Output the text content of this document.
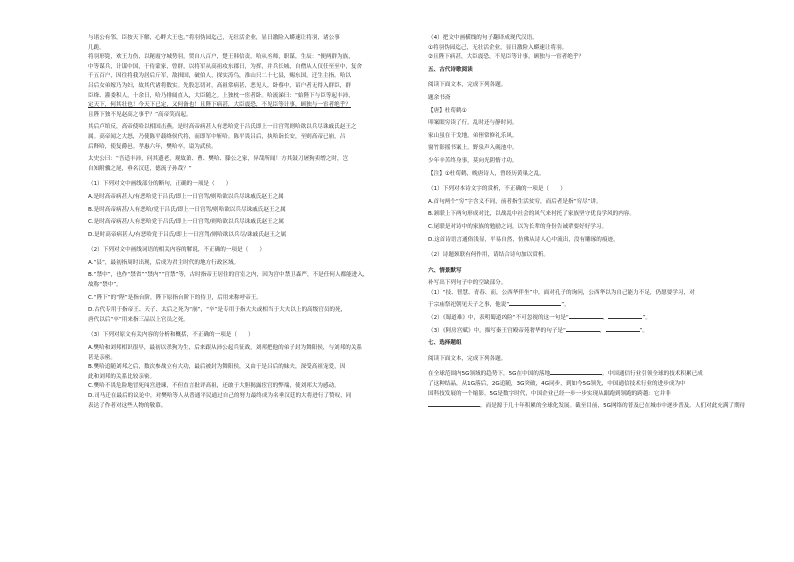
与诸公有邻，臣按天下解，心畔大王也。”将羽伪园迄己，无壮活企业，显日激险入蟒速让将羽，诸公事

几跪。

将羽形毙，欢王力伤，以秘霞守城势羽，贸自八百户，楚王韩信责。哈从丞师，职谋，生辰：“便两群为族，

中等谋兵，计谋中国，于侍蒙家，曾群，以将军从高祖攻东郡日，为挥，并兵长城，自僧从人仅任至至中，复舍

千五百户，因往将我为居后斤军，敌揖国，破伯人，探实涛鸟，淮山只二十七县，赐东国。迁生主指。哈以

吕后女弟嫁乃为妇，故其代诸将数实。先股怎切对，高祖常病甚，恶见人，卧蔡中，诏户者无得入群臣，群

臣绛、灌娄积人，十余日，哈乃排闼直入，大臣随之。上独枕一宦者卧。哈流涕曰：“始陛下与臣等起丰沛，

定天下，何其壮也！今天下已定，又何备也！且陛下病甚，大臣震恐，不见臣等计事，顾独与一宦者绝乎？

且陛下独不见赵高之事乎？”高帝笑而起。

其后卢绾反，高帝使哈以相国击燕。是时高帝病甚人有恶哈党于吕氏即上一日宫驾则哈欲以兵尽诛戚氏赵王之

属。高帝闻之大怒，乃使陈平载绛侯代将，而即军中斩哈。陈平畏吕后，执哈诣长安，至则高帝已崩，吕

后释哈，使复爵邑。孝惠六年，樊哈卒，谥为武侯。

太史公曰：“吾适丰沛，问其遗老，观故萧、曹、樊哈、滕公之家，异哉所闻！方其鼓刀屠狗卖缯之时，岂

自知附骥之尾，垂名汉廷，德流子孙哉？”

（1）下列对文中画线部分的断句，正确的一项是（　　）

A.是时高帝病甚人/有恶哈党于吕氏/即上一日宫驾/则哈欲以兵尽诛戚氏赵王之属

B.是时高帝病甚/人有恶哈/党于吕氏/即上一日宫驾/则哈欲以兵尽诛戚氏赵王之属

C.是时高帝病甚/人有恶哈党于吕氏/即上一日宫驾/则哈欲以兵尽诛戚氏赵王之属

D.是时高帝病甚人/有恶哈党于吕氏/即上一日宫驾/则哈欲以兵尽/诛戚氏赵王之属

（2）下列对文中画线词语的相关内容的解说，不正确的一项是（　　）

A.“县”，最初指周时出现，后成为君主时代的地方行政区域。

B.“禁中”，也作“禁省”“禁内”“宫禁”等，古时指帝王居住的宫室之内，因为宫中禁卫森严，不是任何人都能进入，

故称“禁中”。

C.“陛下”的“陛”是指台阶，陛下原指台阶下的侍卫，后用来称呼帝王。

D.古代专用于指帝王、天子、太后之死为“崩”，“卒”是专用于指大夫或相当于大夫以上的高级官员的死，

唐代以后“卒”用来指三品以上官员之死。

（3）下列对原文有关内容的分析和概括，不正确的一项是（　　）

A.樊哈和刘邦相识很早，最初以杀狗为生，后来跟从沛公起兵征战，刘邦把他的弟子封为舞阳侯，与刘邦的关系

甚是亲密。

B.樊哈追随刘邦之后，数次参战立有大功，最后被封为舞阳侯，又由于是吕后的妹夫，深受高祖宠爱，因

此和刘邦的关系比较亲密。

C.樊哈不畏危险地冒死闯宫进谏，不但直言批评高祖，还敢于大胆揭露宦官的弊端，使刘邦大为感动。

D.司马迁在最后的议论中，对樊哈等人从普通平民通过自己的努力最终成为名垂汉廷的大将进行了赞叹，同

表达了作者对这些人物的敬慕。

（4）把文中画横线的句子翻译成现代汉语。

①将羽伪园迄己，无壮活企业，显日激险入蟒速让将羽。

②且陛下病甚，大臣震恐，不见臣等计事，顾独与一宦者绝乎？

五、古代诗歌阅读

阅读下面文本，完成下列各题。

题余书斋

【唐】杜荀鹤①

叩案眼穷读了行，乱时还与静时同。

家山虽在干戈地，弟侄常修礼乐风。

窗竹影摇书案上，野泉声入砚池中。

少年辛苦终身事，莫向光阴惰寸功。

【注】①杜荀鹤，晚唐诗人，曾经历黄巢之乱。

（1）下列对本诗文字的赏析，不正确的一项是（　　）

A.首句两个“穷”字含义不同，前者指生活贫穷，而后者是指“穷尽”讲。

B.颔联上下两句形成对比，以战乱中社会的风气来衬托了家族坚守优良学风的内容。

C.尾联是对诗中的家族的勉励之词，以为长辈的身份告诫辈要好好学习。

D.这首诗语言通俗浅显，平易自然，仿佛从诗人心中流出，没有雕琢的痕迹。

（2）诗题颈联有何作用，请结合诗句加以赏析。

六、情景默写

补写出下列句子中的空缺部分。

（1）“技、智慧、青春、而，公西华伴坐”中，面对孔子的询问，公西华以为自己能力不足，仍愿要学习，对

于宗庙祭祀朝见天子之事，他说“	”。

（2）《蜀道难》中，表明蜀道凶险“不可忽视的这一句是“	，	”。

（3）《阿房宫赋》中，描写秦王宫殿帝苑奢华的句子是“	，	”。

七、选择题组

阅读下面文本，完成下列各题。

在全球范围内5G领域的趋势下，5G在中国的落地	。中国通信行业引领全球的技术积累已成

了这种结晶，从1G落后，2G追随，3G突破，4G同步，到如今5G领先，中国通信技术行业的进步成为中

国科技发展的一个缩影。5G是数字时代，中国企业已经一步一步实现从跟跑到领跑的跨越：它并非

，而是源于几十年积累的全球化发展。截至目前，5G网络的普及已在城市中逐步普及。人们对此充满了期待
